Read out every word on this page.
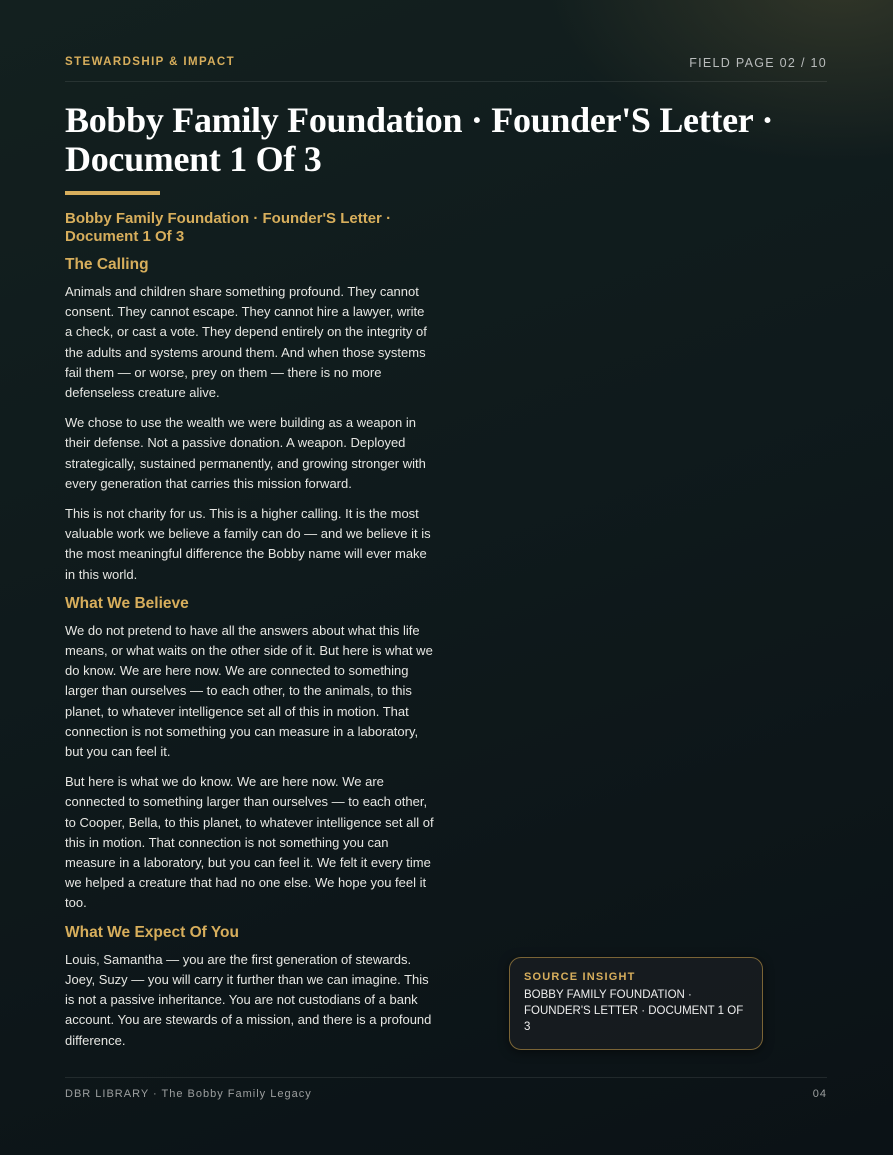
STEWARDSHIP & IMPACT	FIELD PAGE 02 / 10
Bobby Family Foundation · Founder'S Letter · Document 1 Of 3
Bobby Family Foundation · Founder'S Letter · Document 1 Of 3
The Calling

Animals and children share something profound. They cannot consent. They cannot escape. They cannot hire a lawyer, write a check, or cast a vote. They depend entirely on the integrity of the adults and systems around them. And when those systems fail them — or worse, prey on them — there is no more defenseless creature alive.

We chose to use the wealth we were building as a weapon in their defense. Not a passive donation. A weapon. Deployed strategically, sustained permanently, and growing stronger with every generation that carries this mission forward.

This is not charity for us. This is a higher calling. It is the most valuable work we believe a family can do — and we believe it is the most meaningful difference the Bobby name will ever make in this world.

What We Believe

We do not pretend to have all the answers about what this life means, or what waits on the other side of it. But here is what we do know. We are here now. We are connected to something larger than ourselves — to each other, to the animals, to this planet, to whatever intelligence set all of this in motion. That connection is not something you can measure in a laboratory, but you can feel it.

But here is what we do know. We are here now. We are connected to something larger than ourselves — to each other, to Cooper, Bella, to this planet, to whatever intelligence set all of this in motion. That connection is not something you can measure in a laboratory, but you can feel it. We felt it every time we helped a creature that had no one else. We hope you feel it too.

What We Expect Of You

Louis, Samantha — you are the first generation of stewards. Joey, Suzy — you will carry it further than we can imagine. This is not a passive inheritance. You are not custodians of a bank account. You are stewards of a mission, and there is a profound difference.

SOURCE INSIGHT
BOBBY FAMILY FOUNDATION · FOUNDER'S LETTER · DOCUMENT 1 OF 3
DBR LIBRARY · The Bobby Family Legacy	04
